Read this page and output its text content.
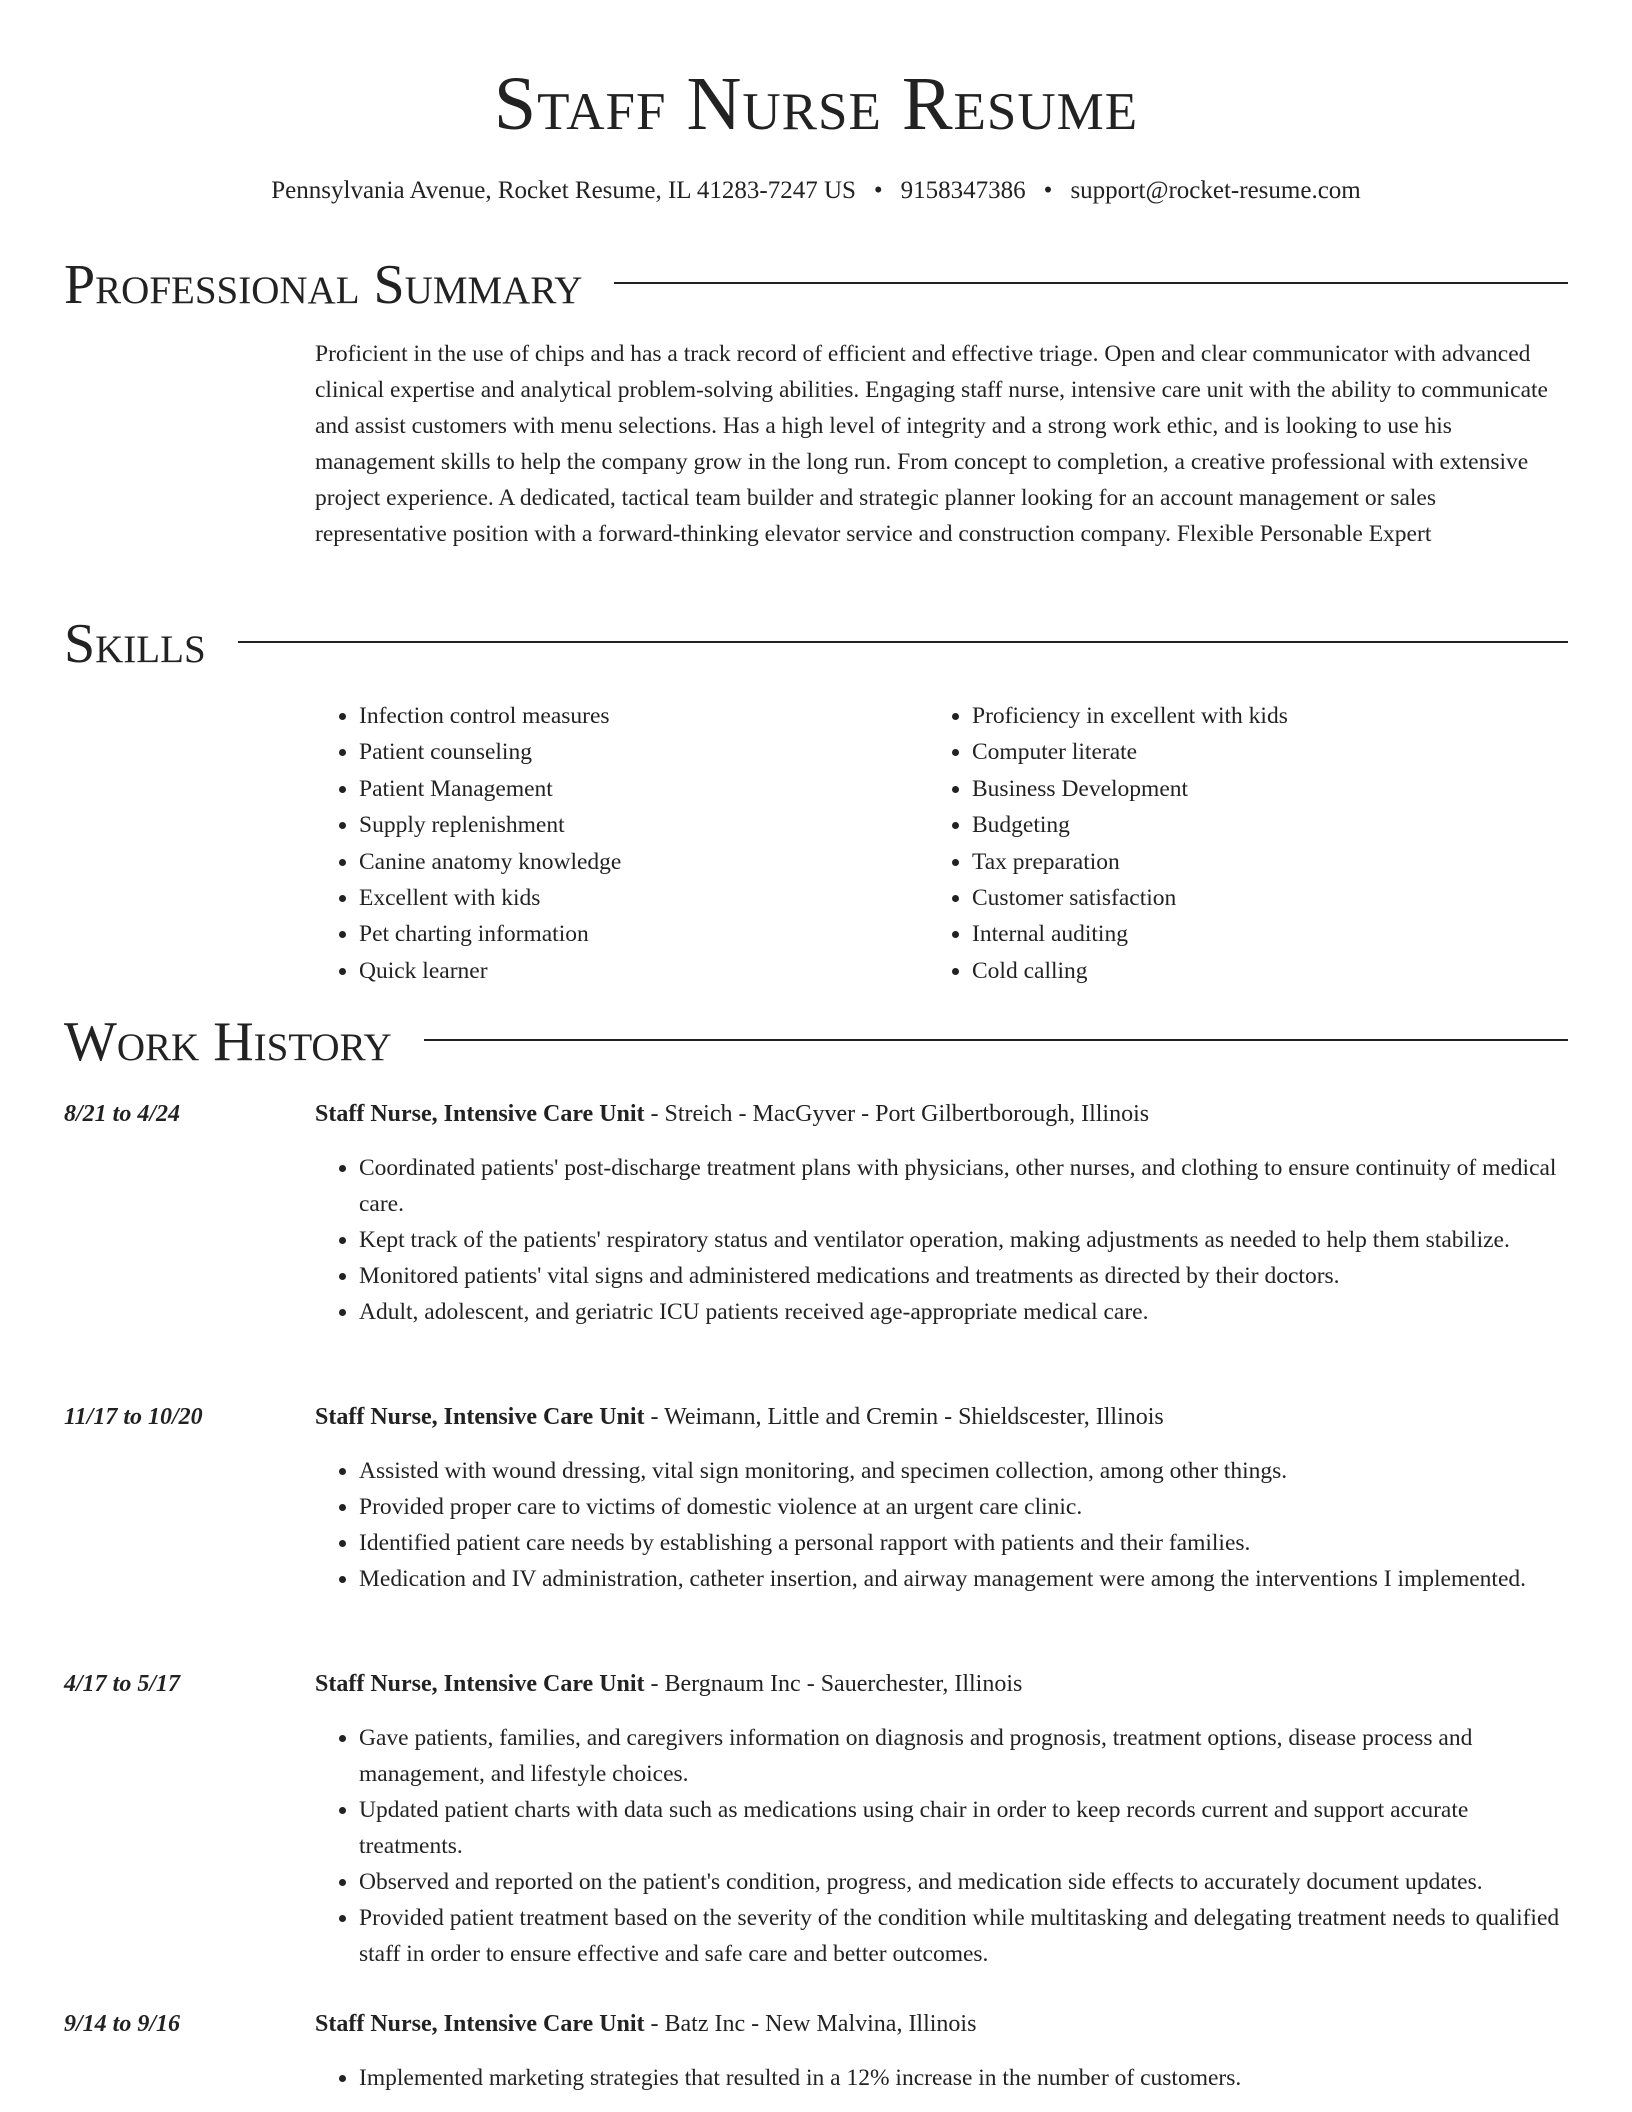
Staff Nurse Resume
Pennsylvania Avenue, Rocket Resume, IL 41283-7247 US • 9158347386 • support@rocket-resume.com
Professional Summary

Proficient in the use of chips and has a track record of efficient and effective triage. Open and clear communicator with advanced clinical expertise and analytical problem-solving abilities. Engaging staff nurse, intensive care unit with the ability to communicate and assist customers with menu selections. Has a high level of integrity and a strong work ethic, and is looking to use his management skills to help the company grow in the long run. From concept to completion, a creative professional with extensive project experience. A dedicated, tactical team builder and strategic planner looking for an account management or sales representative position with a forward-thinking elevator service and construction company. Flexible Personable Expert

Skills
• Infection control measures
• Patient counseling
• Patient Management
• Supply replenishment
• Canine anatomy knowledge
• Excellent with kids
• Pet charting information
• Quick learner
• Proficiency in excellent with kids
• Computer literate
• Business Development
• Budgeting
• Tax preparation
• Customer satisfaction
• Internal auditing
• Cold calling
Work History
8/21 to 4/24	Staff Nurse, Intensive Care Unit - Streich - MacGyver - Port Gilbertborough, Illinois
• Coordinated patients' post-discharge treatment plans with physicians, other nurses, and clothing to ensure continuity of medical care.
• Kept track of the patients' respiratory status and ventilator operation, making adjustments as needed to help them stabilize.
• Monitored patients' vital signs and administered medications and treatments as directed by their doctors.
• Adult, adolescent, and geriatric ICU patients received age-appropriate medical care.
11/17 to 10/20	Staff Nurse, Intensive Care Unit - Weimann, Little and Cremin - Shieldscester, Illinois
• Assisted with wound dressing, vital sign monitoring, and specimen collection, among other things.
• Provided proper care to victims of domestic violence at an urgent care clinic.
• Identified patient care needs by establishing a personal rapport with patients and their families.
• Medication and IV administration, catheter insertion, and airway management were among the interventions I implemented.
4/17 to 5/17	Staff Nurse, Intensive Care Unit - Bergnaum Inc - Sauerchester, Illinois
• Gave patients, families, and caregivers information on diagnosis and prognosis, treatment options, disease process and management, and lifestyle choices.
• Updated patient charts with data such as medications using chair in order to keep records current and support accurate treatments.
• Observed and reported on the patient's condition, progress, and medication side effects to accurately document updates.
• Provided patient treatment based on the severity of the condition while multitasking and delegating treatment needs to qualified staff in order to ensure effective and safe care and better outcomes.
9/14 to 9/16	Staff Nurse, Intensive Care Unit - Batz Inc - New Malvina, Illinois
• Implemented marketing strategies that resulted in a 12% increase in the number of customers.
